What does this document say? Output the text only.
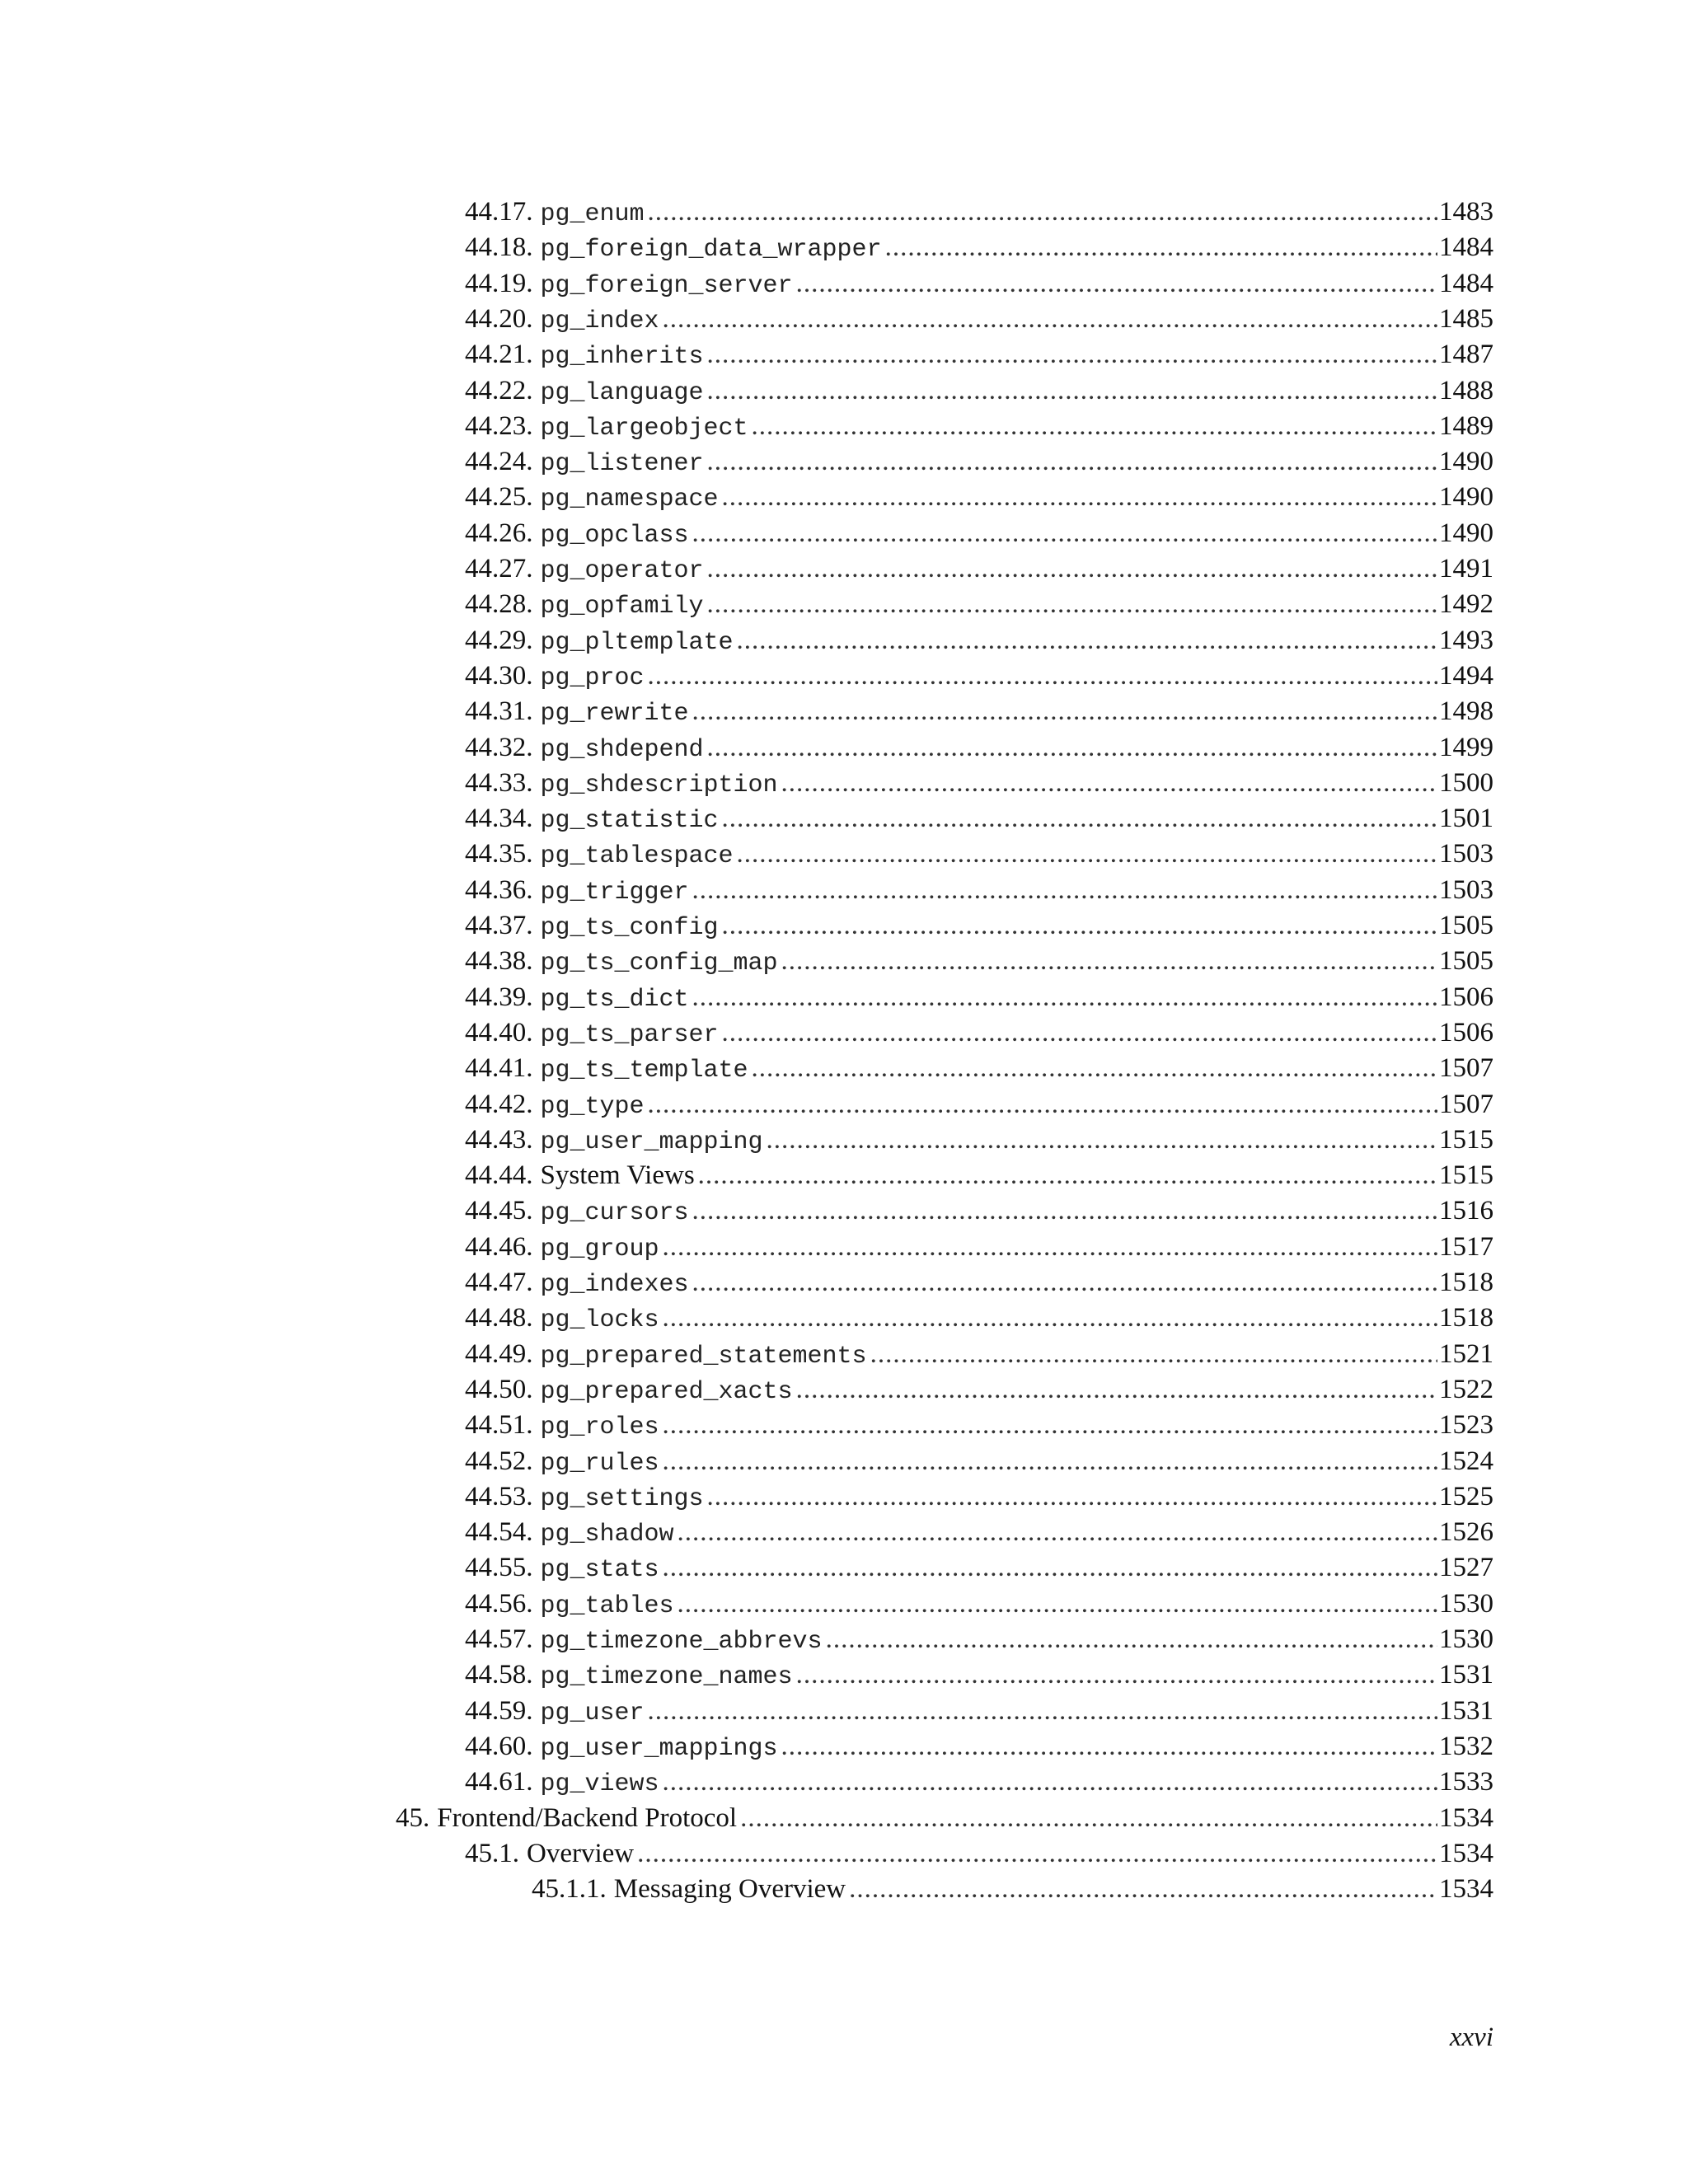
44.17. pg_enum .....	1483
44.18. pg_foreign_data_wrapper .....	1484
44.19. pg_foreign_server .....	1484
44.20. pg_index .....	1485
44.21. pg_inherits .....	1487
44.22. pg_language .....	1488
44.23. pg_largeobject .....	1489
44.24. pg_listener .....	1490
44.25. pg_namespace .....	1490
44.26. pg_opclass .....	1490
44.27. pg_operator .....	1491
44.28. pg_opfamily .....	1492
44.29. pg_pltemplate .....	1493
44.30. pg_proc .....	1494
44.31. pg_rewrite .....	1498
44.32. pg_shdepend .....	1499
44.33. pg_shdescription .....	1500
44.34. pg_statistic .....	1501
44.35. pg_tablespace .....	1503
44.36. pg_trigger .....	1503
44.37. pg_ts_config .....	1505
44.38. pg_ts_config_map .....	1505
44.39. pg_ts_dict .....	1506
44.40. pg_ts_parser .....	1506
44.41. pg_ts_template .....	1507
44.42. pg_type .....	1507
44.43. pg_user_mapping .....	1515
44.44. System Views .....	1515
44.45. pg_cursors .....	1516
44.46. pg_group .....	1517
44.47. pg_indexes .....	1518
44.48. pg_locks .....	1518
44.49. pg_prepared_statements .....	1521
44.50. pg_prepared_xacts .....	1522
44.51. pg_roles .....	1523
44.52. pg_rules .....	1524
44.53. pg_settings .....	1525
44.54. pg_shadow .....	1526
44.55. pg_stats .....	1527
44.56. pg_tables .....	1530
44.57. pg_timezone_abbrevs .....	1530
44.58. pg_timezone_names .....	1531
44.59. pg_user .....	1531
44.60. pg_user_mappings .....	1532
44.61. pg_views .....	1533
45. Frontend/Backend Protocol .....	1534
45.1. Overview .....	1534
45.1.1. Messaging Overview .....	1534
xxvi
